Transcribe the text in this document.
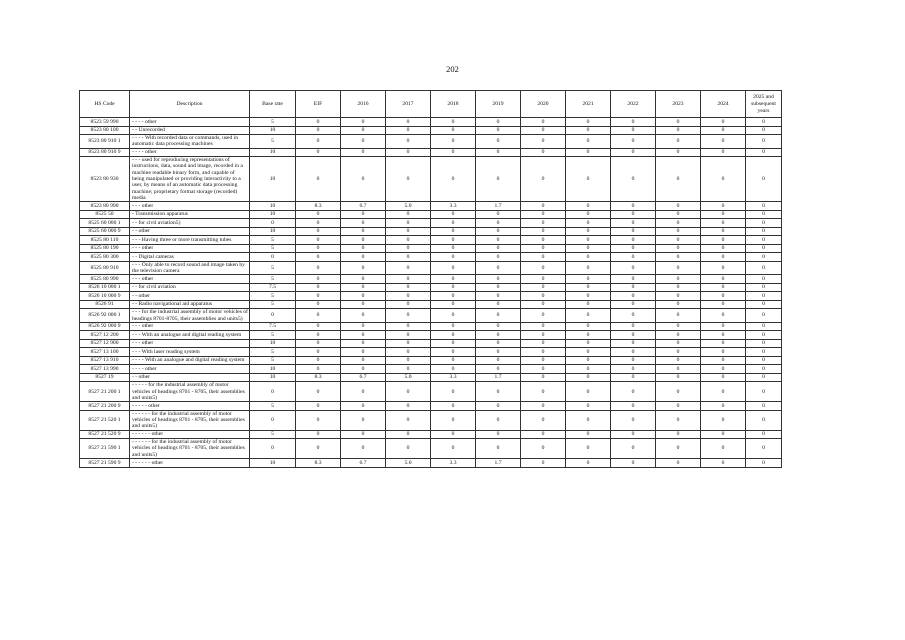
202
HS Code	Description	Base rate	EIF	2016	2017	2018	2019	2020	2021	2022	2023	2024	2025 and subsequent years
8523 59 990	- - - - other	5	0	0	0	0	0	0	0	0	0	0	0
8523 80 100	- - Unrecorded	10	0	0	0	0	0	0	0	0	0	0	0
8523 80 910 1	- - - - With recorded data or commands, used in automatic data processing machines	5	0	0	0	0	0	0	0	0	0	0	0
8523 80 910 9	- - - - other	10	0	0	0	0	0	0	0	0	0	0	0
8523 80 930	- - - used for reproducing representations of instructions, data, sound and image, recorded in a machine readable binary form, and capable of being manipulated or providing interactivity to a user, by means of an automatic data processing machine; proprietary format storage (recorded) media	10	0	0	0	0	0	0	0	0	0	0	0
8523 80 990	- - - other	10	8.3	6.7	5.0	3.3	1.7	0	0	0	0	0	0
8525 50	- Transmission apparatus	10	0	0	0	0	0	0	0	0	0	0	0
8525 60 000 1	- - for civil aviation5)	0	0	0	0	0	0	0	0	0	0	0	0
8525 60 000 9	- - other	10	0	0	0	0	0	0	0	0	0	0	0
8525 80 110	- - - Having three or more transmitting tubes	5	0	0	0	0	0	0	0	0	0	0	0
8525 80 190	- - - other	5	0	0	0	0	0	0	0	0	0	0	0
8525 80 300	- - Digital cameras	0	0	0	0	0	0	0	0	0	0	0	0
8525 80 910	- - - Only able to record sound and image taken by the television camera	5	0	0	0	0	0	0	0	0	0	0	0
8525 80 990	- - - other	5	0	0	0	0	0	0	0	0	0	0	0
8526 10 000 1	- - for civil aviation	7.5	0	0	0	0	0	0	0	0	0	0	0
8526 10 000 9	- - other	5	0	0	0	0	0	0	0	0	0	0	0
8526 91	- - Radio navigational aid apparatus	5	0	0	0	0	0	0	0	0	0	0	0
8526 92 000 1	- - - for the industrial assembly of motor vehicles of headings 8701-8705, their assemblies and units5)	0	0	0	0	0	0	0	0	0	0	0	0
8526 92 000 9	- - - other	7.5	0	0	0	0	0	0	0	0	0	0	0
8527 12 200	- - - With an analogue and digital reading system	5	0	0	0	0	0	0	0	0	0	0	0
8527 12 900	- - - other	10	0	0	0	0	0	0	0	0	0	0	0
8527 13 100	- - - With laser reading system	5	0	0	0	0	0	0	0	0	0	0	0
8527 13 910	- - - - With an analogue and digital reading system	5	0	0	0	0	0	0	0	0	0	0	0
8527 13 990	- - - - other	10	0	0	0	0	0	0	0	0	0	0	0
8527 19	- - other	10	8.3	6.7	5.0	3.3	1.7	0	0	0	0	0	0
8527 21 200 1	- - - - - for the industrial assembly of motor vehicles of headings 8701 - 8705, their assemblies and units5)	0	0	0	0	0	0	0	0	0	0	0	0
8527 21 200 9	- - - - - other	5	0	0	0	0	0	0	0	0	0	0	0
8527 21 520 1	- - - - - - for the industrial assembly of motor vehicles of headings 8701 - 8705, their assemblies and units5)	0	0	0	0	0	0	0	0	0	0	0	0
8527 21 520 9	- - - - - - other	5	0	0	0	0	0	0	0	0	0	0	0
8527 21 590 1	- - - - - - for the industrial assembly of motor vehicles of headings 8701 - 8705, their assemblies and units5)	0	0	0	0	0	0	0	0	0	0	0	0
8527 21 590 9	- - - - - - other	10	8.3	6.7	5.0	3.3	1.7	0	0	0	0	0	0
